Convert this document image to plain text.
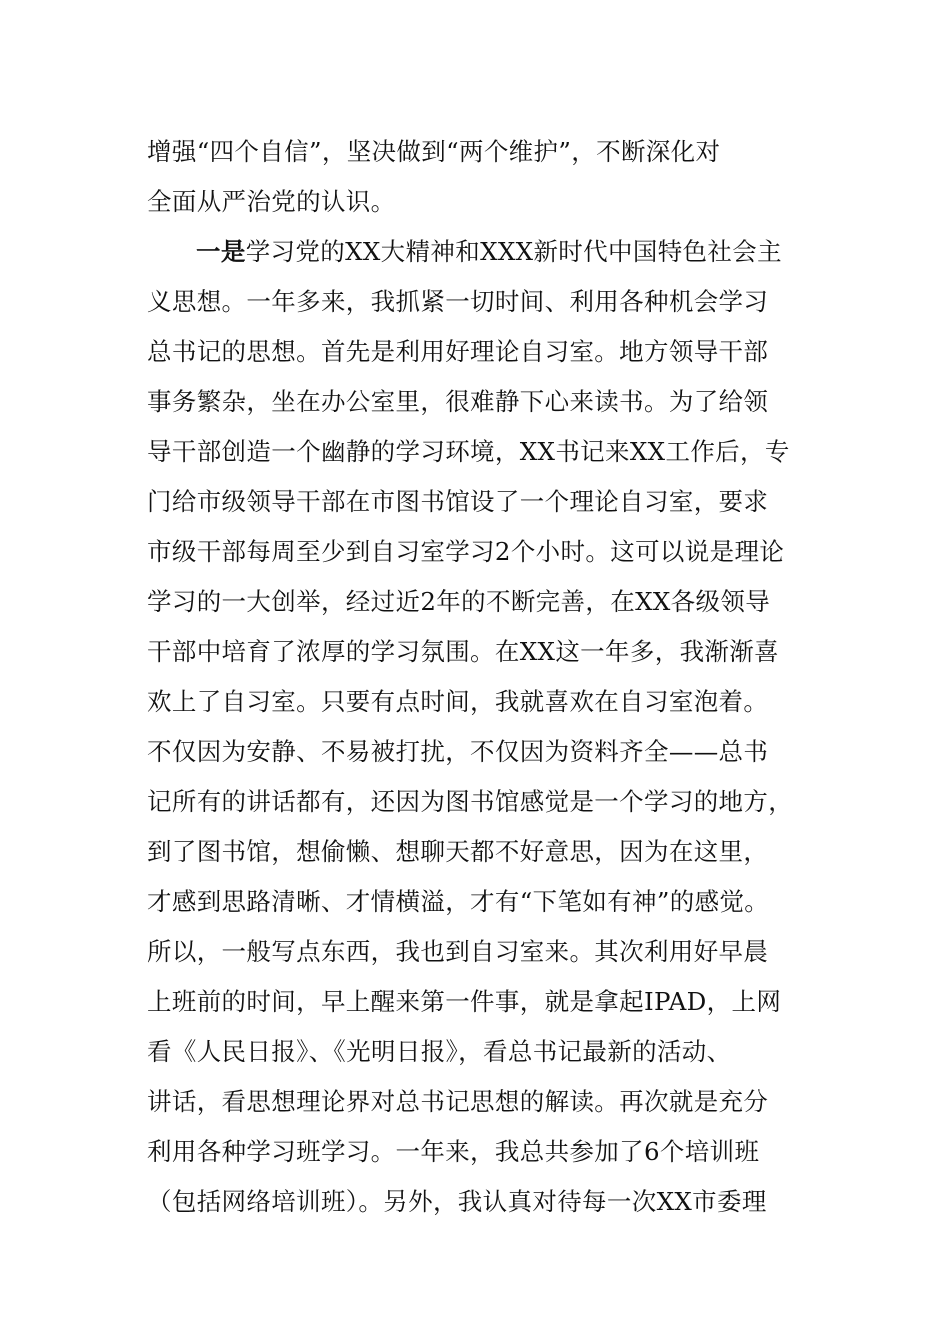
增强“四个自信”，坚决做到“两个维护”，不断深化对
全面从严治党的认识。
一是学习党的XX大精神和XXX新时代中国特色社会主
义思想。一年多来，我抓紧一切时间、利用各种机会学习
总书记的思想。首先是利用好理论自习室。地方领导干部
事务繁杂，坐在办公室里，很难静下心来读书。为了给领
导干部创造一个幽静的学习环境，XX书记来XX工作后，专
门给市级领导干部在市图书馆设了一个理论自习室，要求
市级干部每周至少到自习室学习2个小时。这可以说是理论
学习的一大创举，经过近2年的不断完善，在XX各级领导
干部中培育了浓厚的学习氛围。在XX这一年多，我渐渐喜
欢上了自习室。只要有点时间，我就喜欢在自习室泡着。
不仅因为安静、不易被打扰，不仅因为资料齐全——总书
记所有的讲话都有，还因为图书馆感觉是一个学习的地方，
到了图书馆，想偷懒、想聊天都不好意思，因为在这里，
才感到思路清晰、才情横溢，才有“下笔如有神”的感觉。
所以，一般写点东西，我也到自习室来。其次利用好早晨
上班前的时间，早上醒来第一件事，就是拿起IPAD，上网
看《人民日报》、《光明日报》，看总书记最新的活动、
讲话，看思想理论界对总书记思想的解读。再次就是充分
利用各种学习班学习。一年来，我总共参加了6个培训班
（包括网络培训班）。另外，我认真对待每一次XX市委理
